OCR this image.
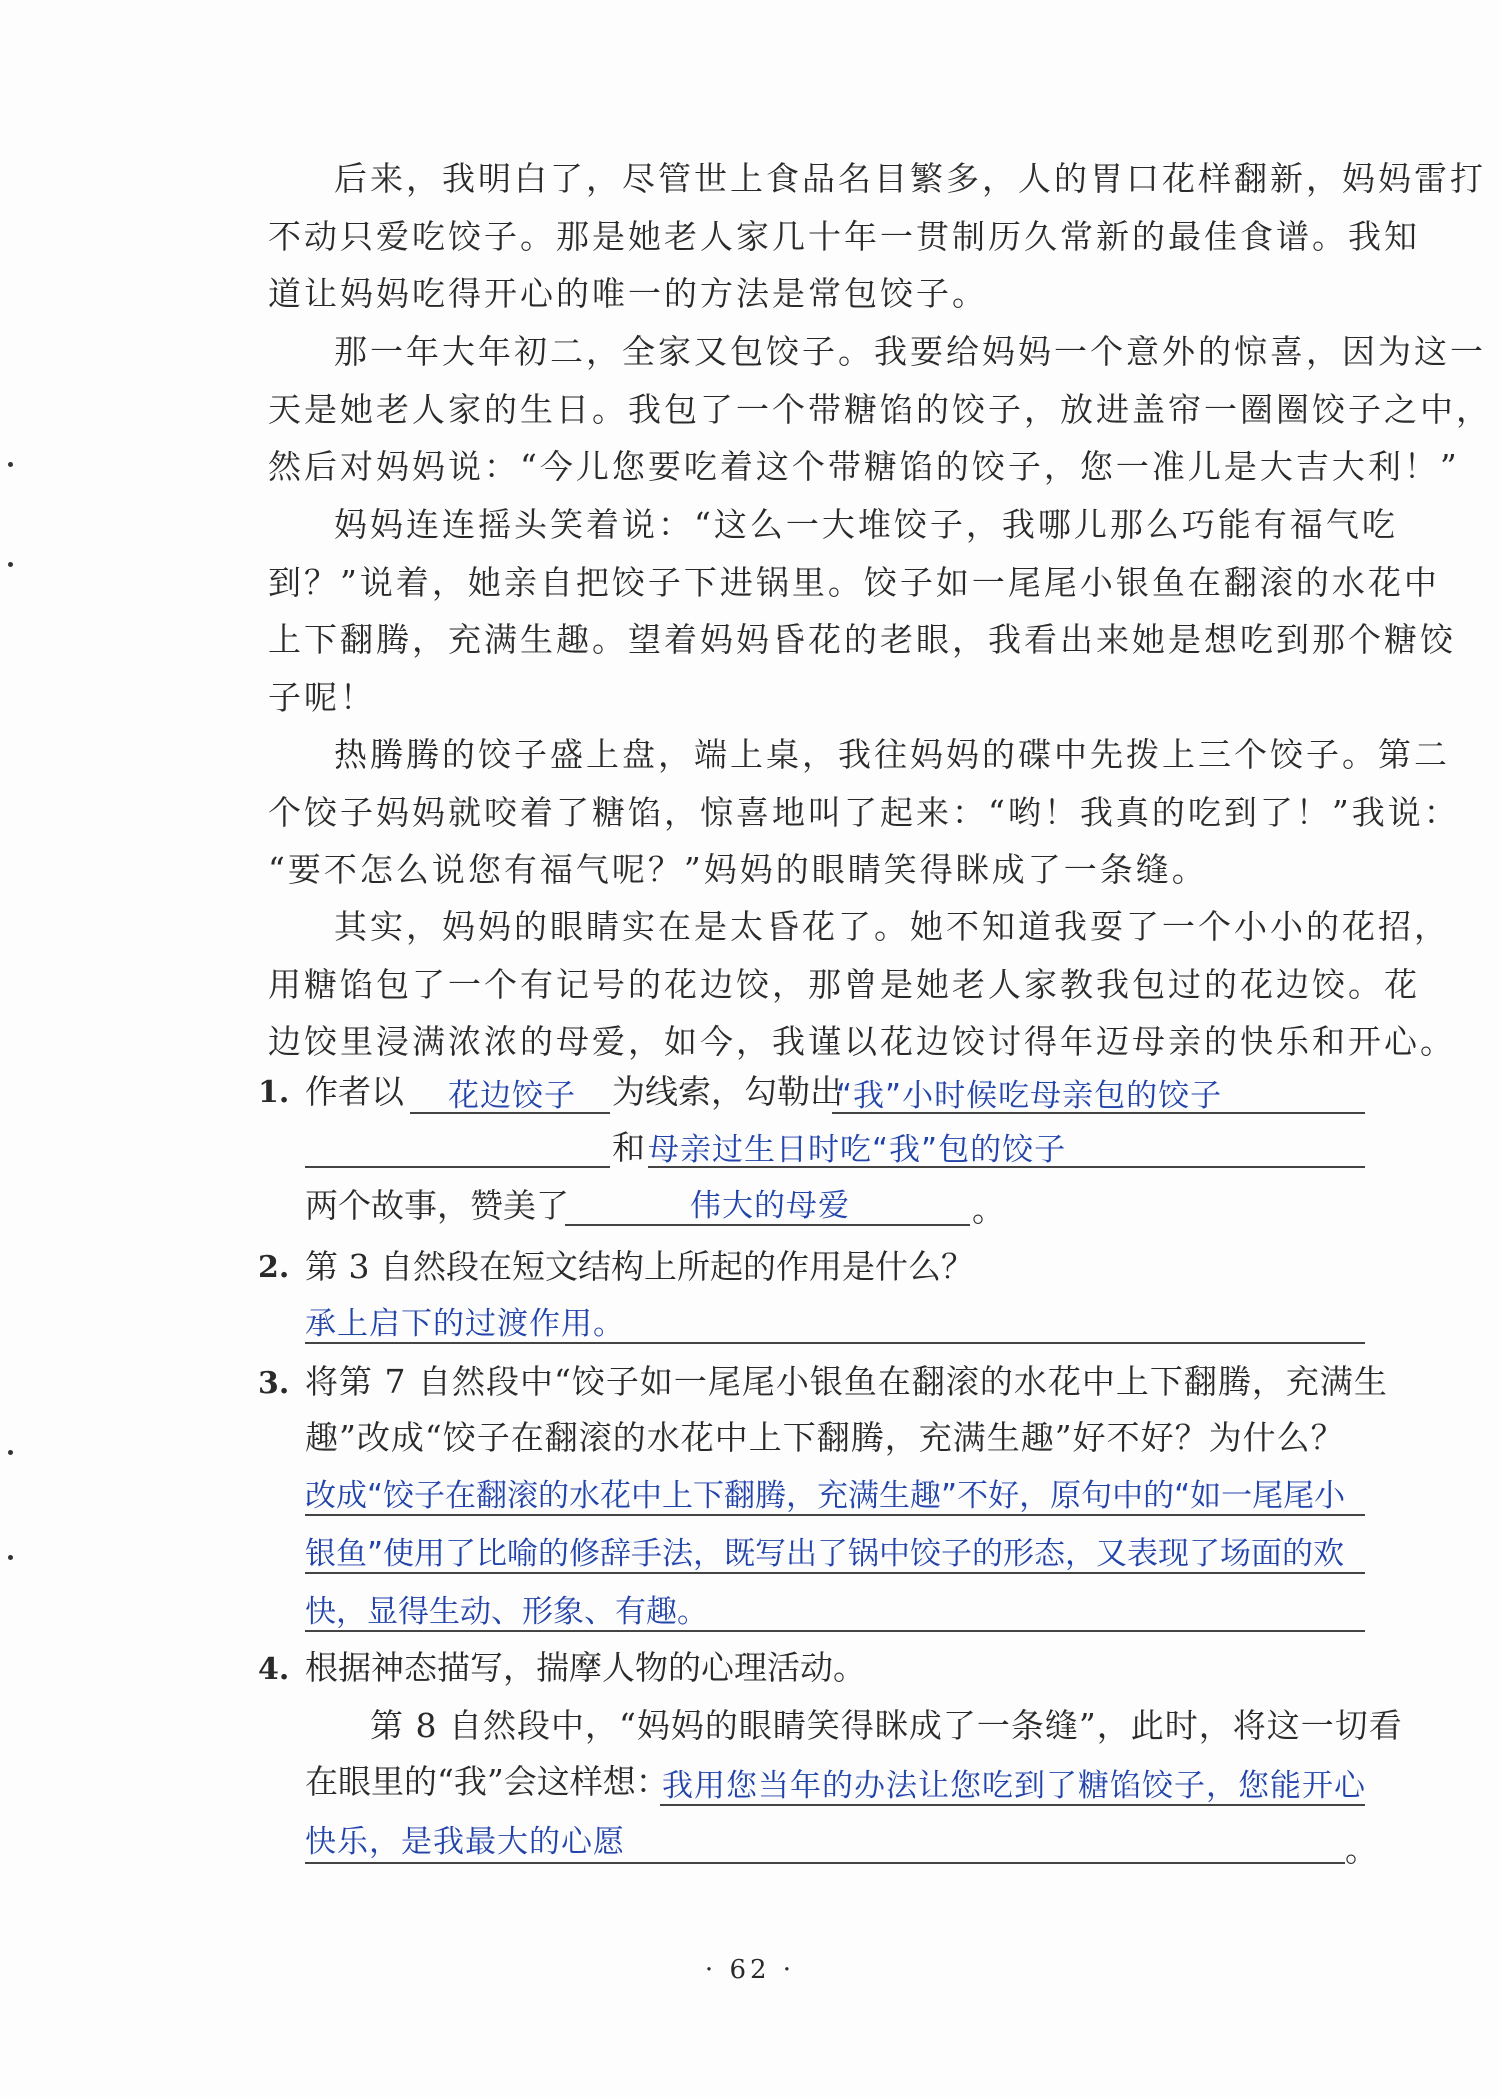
后来，我明白了，尽管世上食品名目繁多，人的胃口花样翻新，妈妈雷打
不动只爱吃饺子。那是她老人家几十年一贯制历久常新的最佳食谱。我知
道让妈妈吃得开心的唯一的方法是常包饺子。
那一年大年初二，全家又包饺子。我要给妈妈一个意外的惊喜，因为这一
天是她老人家的生日。我包了一个带糖馅的饺子，放进盖帘一圈圈饺子之中，
然后对妈妈说：“今儿您要吃着这个带糖馅的饺子，您一准儿是大吉大利！”
妈妈连连摇头笑着说：“这么一大堆饺子，我哪儿那么巧能有福气吃
到？”说着，她亲自把饺子下进锅里。饺子如一尾尾小银鱼在翻滚的水花中
上下翻腾，充满生趣。望着妈妈昏花的老眼，我看出来她是想吃到那个糖饺
子呢！
热腾腾的饺子盛上盘，端上桌，我往妈妈的碟中先拨上三个饺子。第二
个饺子妈妈就咬着了糖馅，惊喜地叫了起来：“哟！我真的吃到了！”我说：
“要不怎么说您有福气呢？”妈妈的眼睛笑得眯成了一条缝。
其实，妈妈的眼睛实在是太昏花了。她不知道我耍了一个小小的花招，
用糖馅包了一个有记号的花边饺，那曾是她老人家教我包过的花边饺。花
边饺里浸满浓浓的母爱，如今，我谨以花边饺讨得年迈母亲的快乐和开心。
1. 作者以 花边饺子 为线索，勾勒出
“我”小时候吃母亲包的饺子
和 母亲过生日时吃“我”包的饺子
两个故事，赞美了	伟大的母爱	。
2. 第 3 自然段在短文结构上所起的作用是什么？
承上启下的过渡作用。
3. 将第 7 自然段中“饺子如一尾尾小银鱼在翻滚的水花中上下翻腾，充满生
趣”改成“饺子在翻滚的水花中上下翻腾，充满生趣”好不好？为什么？
改成“饺子在翻滚的水花中上下翻腾，充满生趣”不好，原句中的“如一尾尾小
银鱼”使用了比喻的修辞手法，既写出了锅中饺子的形态，又表现了场面的欢
快，显得生动、形象、有趣。
4. 根据神态描写，揣摩人物的心理活动。
第 8 自然段中，“妈妈的眼睛笑得眯成了一条缝”，此时，将这一切看
在眼里的“我”会这样想：
我用您当年的办法让您吃到了糖馅饺子，您能开心
快乐，是我最大的心愿	。
· 62 ·
